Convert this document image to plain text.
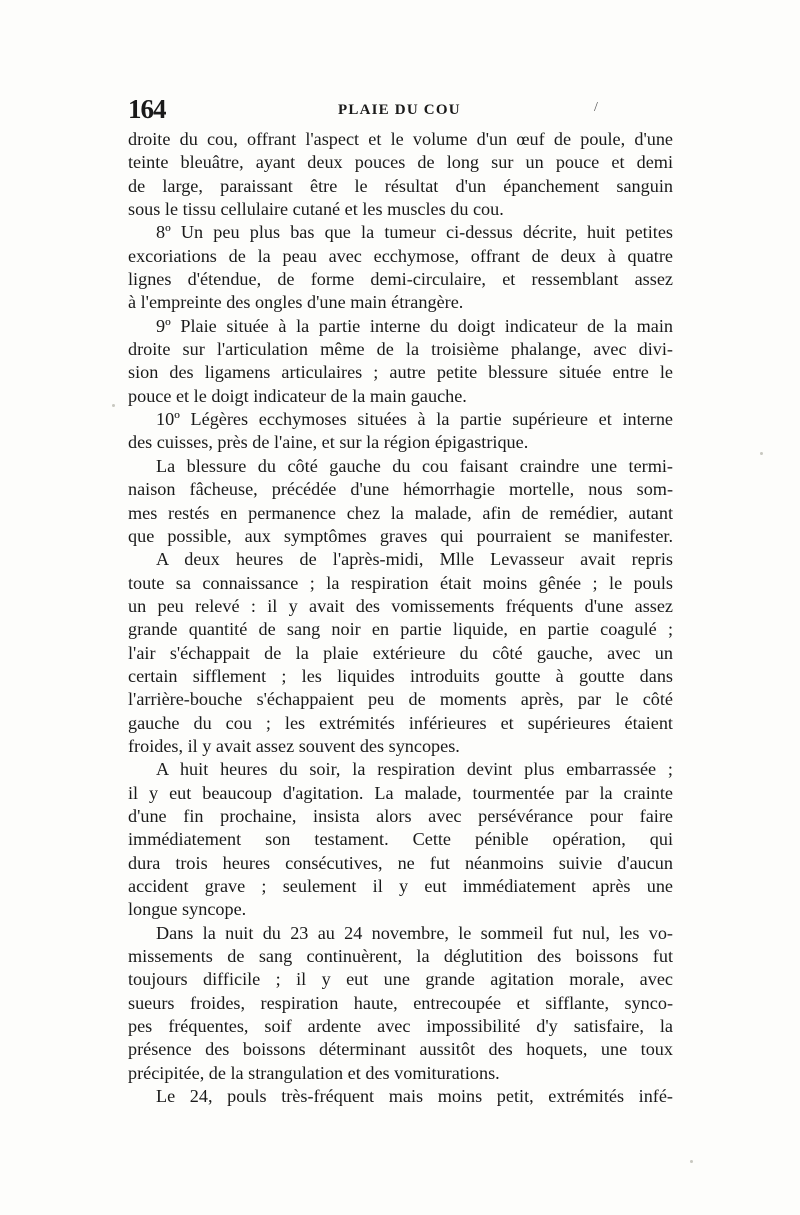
164	PLAIE DU COU	/
droite du cou, offrant l'aspect et le volume d'un œuf de poule, d'une
teinte bleuâtre, ayant deux pouces de long sur un pouce et demi
de large, paraissant être le résultat d'un épanchement sanguin
sous le tissu cellulaire cutané et les muscles du cou.
8º Un peu plus bas que la tumeur ci-dessus décrite, huit petites
excoriations de la peau avec ecchymose, offrant de deux à quatre
lignes d'étendue, de forme demi-circulaire, et ressemblant assez
à l'empreinte des ongles d'une main étrangère.
9º Plaie située à la partie interne du doigt indicateur de la main
droite sur l'articulation même de la troisième phalange, avec divi-
sion des ligamens articulaires ; autre petite blessure située entre le
pouce et le doigt indicateur de la main gauche.
10º Légères ecchymoses situées à la partie supérieure et interne
des cuisses, près de l'aine, et sur la région épigastrique.
La blessure du côté gauche du cou faisant craindre une termi-
naison fâcheuse, précédée d'une hémorrhagie mortelle, nous som-
mes restés en permanence chez la malade, afin de remédier, autant
que possible, aux symptômes graves qui pourraient se manifester.
A deux heures de l'après-midi, Mlle Levasseur avait repris
toute sa connaissance ; la respiration était moins gênée ; le pouls
un peu relevé : il y avait des vomissements fréquents d'une assez
grande quantité de sang noir en partie liquide, en partie coagulé ;
l'air s'échappait de la plaie extérieure du côté gauche, avec un
certain sifflement ; les liquides introduits goutte à goutte dans
l'arrière-bouche s'échappaient peu de moments après, par le côté
gauche du cou ; les extrémités inférieures et supérieures étaient
froides, il y avait assez souvent des syncopes.
A huit heures du soir, la respiration devint plus embarrassée ;
il y eut beaucoup d'agitation. La malade, tourmentée par la crainte
d'une fin prochaine, insista alors avec persévérance pour faire
immédiatement son testament. Cette pénible opération, qui
dura trois heures consécutives, ne fut néanmoins suivie d'aucun
accident grave ; seulement il y eut immédiatement après une
longue syncope.
Dans la nuit du 23 au 24 novembre, le sommeil fut nul, les vo-
missements de sang continuèrent, la déglutition des boissons fut
toujours difficile ; il y eut une grande agitation morale, avec
sueurs froides, respiration haute, entrecoupée et sifflante, synco-
pes fréquentes, soif ardente avec impossibilité d'y satisfaire, la
présence des boissons déterminant aussitôt des hoquets, une toux
précipitée, de la strangulation et des vomiturations.
Le 24, pouls très-fréquent mais moins petit, extrémités infé-
